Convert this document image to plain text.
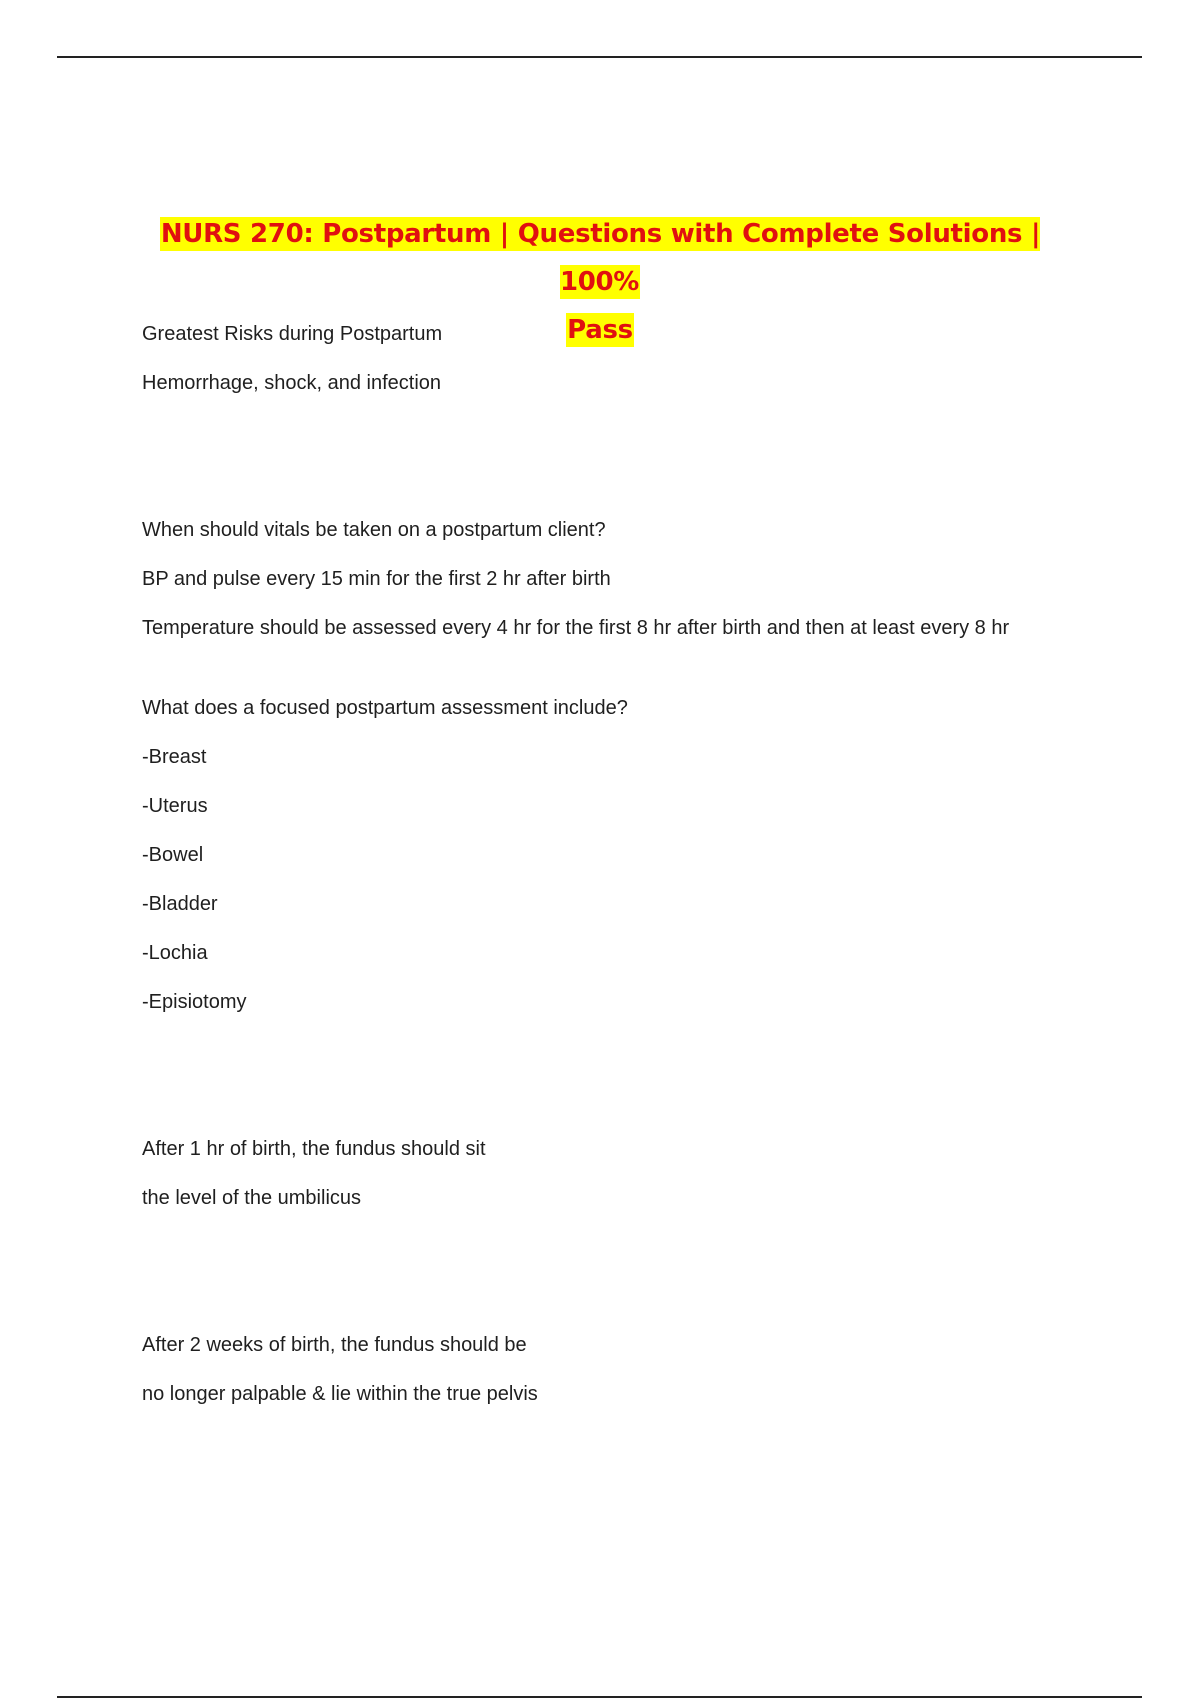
NURS 270: Postpartum | Questions with Complete Solutions | 100%
Pass

Greatest Risks during Postpartum

Hemorrhage, shock, and infection

When should vitals be taken on a postpartum client?

BP and pulse every 15 min for the first 2 hr after birth

Temperature should be assessed every 4 hr for the first 8 hr after birth and then at least every 8 hr

What does a focused postpartum assessment include?

-Breast

-Uterus

-Bowel

-Bladder

-Lochia

-Episiotomy

After 1 hr of birth, the fundus should sit

the level of the umbilicus

After 2 weeks of birth, the fundus should be

no longer palpable & lie within the true pelvis
